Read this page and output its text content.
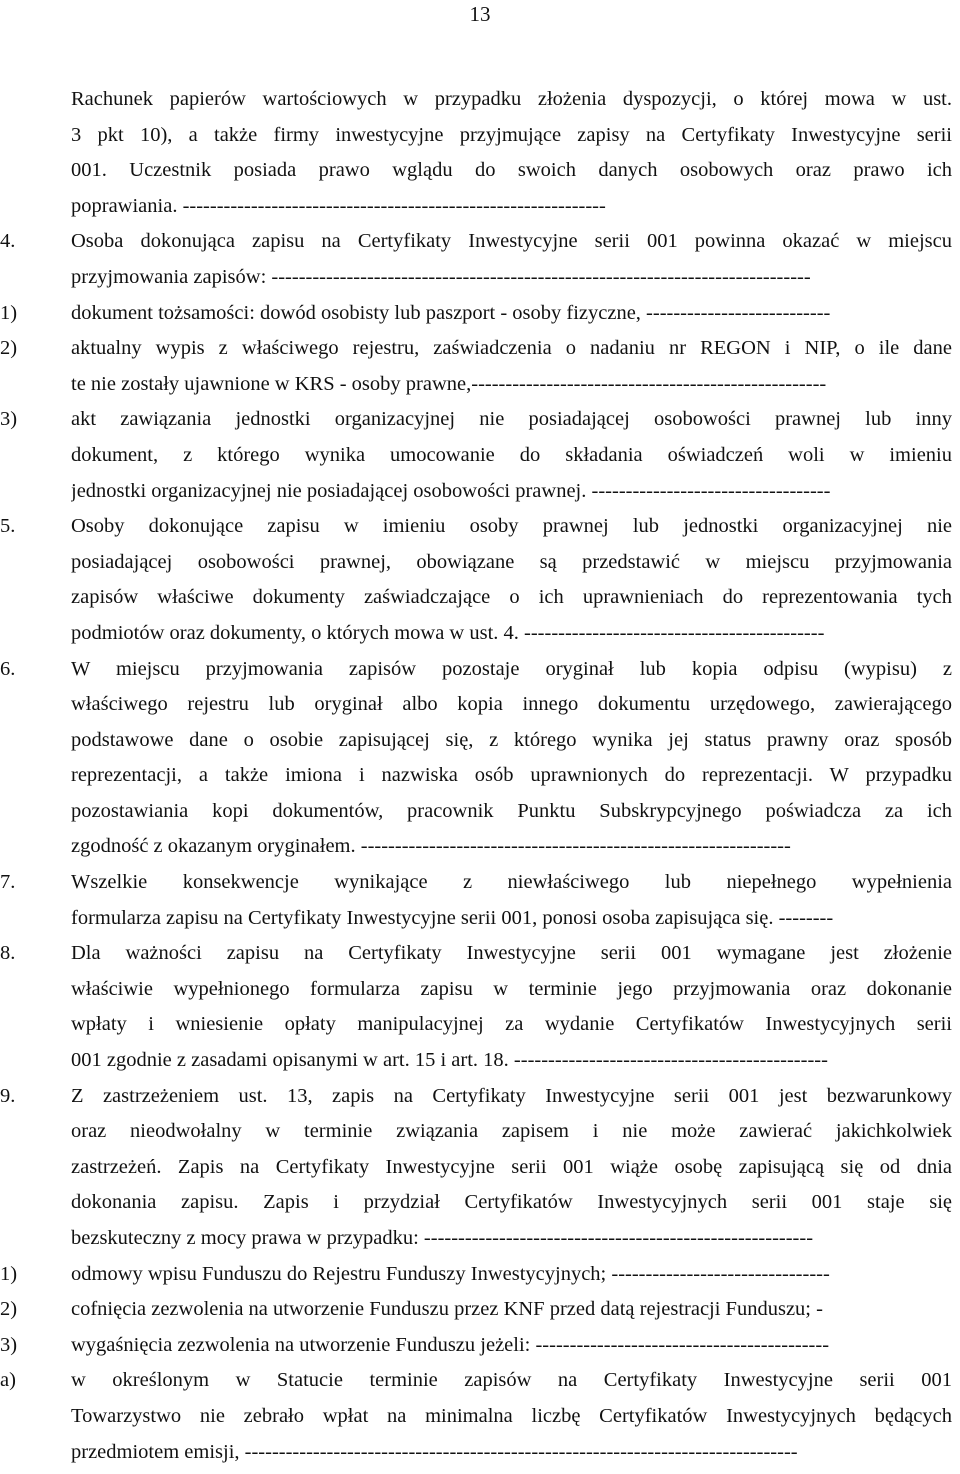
13
Rachunek papierów wartościowych w przypadku złożenia dyspozycji, o której mowa w ust.
3 pkt 10), a także firmy inwestycyjne przyjmujące zapisy na Certyfikaty Inwestycyjne serii
001. Uczestnik posiada prawo wglądu do swoich danych osobowych oraz prawo ich
poprawiania. --------------------------------------------------------------
4.	Osoba dokonująca zapisu na Certyfikaty Inwestycyjne serii 001 powinna okazać w miejscu
przyjmowania zapisów: -------------------------------------------------------------------------------
1)	dokument tożsamości: dowód osobisty lub paszport - osoby fizyczne, ---------------------------
2)	aktualny wypis z właściwego rejestru, zaświadczenia o nadaniu nr REGON i NIP, o ile dane
te nie zostały ujawnione w KRS - osoby prawne,----------------------------------------------------
3)	akt zawiązania jednostki organizacyjnej nie posiadającej osobowości prawnej lub inny
dokument, z którego wynika umocowanie do składania oświadczeń woli w imieniu
jednostki organizacyjnej nie posiadającej osobowości prawnej. -----------------------------------
5.	Osoby dokonujące zapisu w imieniu osoby prawnej lub jednostki organizacyjnej nie
posiadającej osobowości prawnej, obowiązane są przedstawić w miejscu przyjmowania
zapisów właściwe dokumenty zaświadczające o ich uprawnieniach do reprezentowania tych
podmiotów oraz dokumenty, o których mowa w ust. 4. --------------------------------------------
6.	W miejscu przyjmowania zapisów pozostaje oryginał lub kopia odpisu (wypisu) z
właściwego rejestru lub oryginał albo kopia innego dokumentu urzędowego, zawierającego
podstawowe dane o osobie zapisującej się, z którego wynika jej status prawny oraz sposób
reprezentacji, a także imiona i nazwiska osób uprawnionych do reprezentacji. W przypadku
pozostawiania kopi dokumentów, pracownik Punktu Subskrypcyjnego poświadcza za ich
zgodność z okazanym oryginałem. ---------------------------------------------------------------
7.	Wszelkie konsekwencje wynikające z niewłaściwego lub niepełnego wypełnienia
formularza zapisu na Certyfikaty Inwestycyjne serii 001, ponosi osoba zapisująca się. --------
8.	Dla ważności zapisu na Certyfikaty Inwestycyjne serii 001 wymagane jest złożenie
właściwie wypełnionego formularza zapisu w terminie jego przyjmowania oraz dokonanie
wpłaty i wniesienie opłaty manipulacyjnej za wydanie Certyfikatów Inwestycyjnych serii
001 zgodnie z zasadami opisanymi w art. 15 i art. 18. ----------------------------------------------
9.	Z zastrzeżeniem ust. 13, zapis na Certyfikaty Inwestycyjne serii 001 jest bezwarunkowy
oraz nieodwołalny w terminie związania zapisem i nie może zawierać jakichkolwiek
zastrzeżeń. Zapis na Certyfikaty Inwestycyjne serii 001 wiąże osobę zapisującą się od dnia
dokonania zapisu. Zapis i przydział Certyfikatów Inwestycyjnych serii 001 staje się
bezskuteczny z mocy prawa w przypadku: ---------------------------------------------------------
1)	odmowy wpisu Funduszu do Rejestru Funduszy Inwestycyjnych; --------------------------------
2)	cofnięcia zezwolenia na utworzenie Funduszu przez KNF przed datą rejestracji Funduszu; -
3)	wygaśnięcia zezwolenia na utworzenie Funduszu jeżeli: -------------------------------------------
a)	w określonym w Statucie terminie zapisów na Certyfikaty Inwestycyjne serii 001
Towarzystwo nie zebrało wpłat na minimalna liczbę Certyfikatów Inwestycyjnych będących
przedmiotem emisji, ---------------------------------------------------------------------------------
